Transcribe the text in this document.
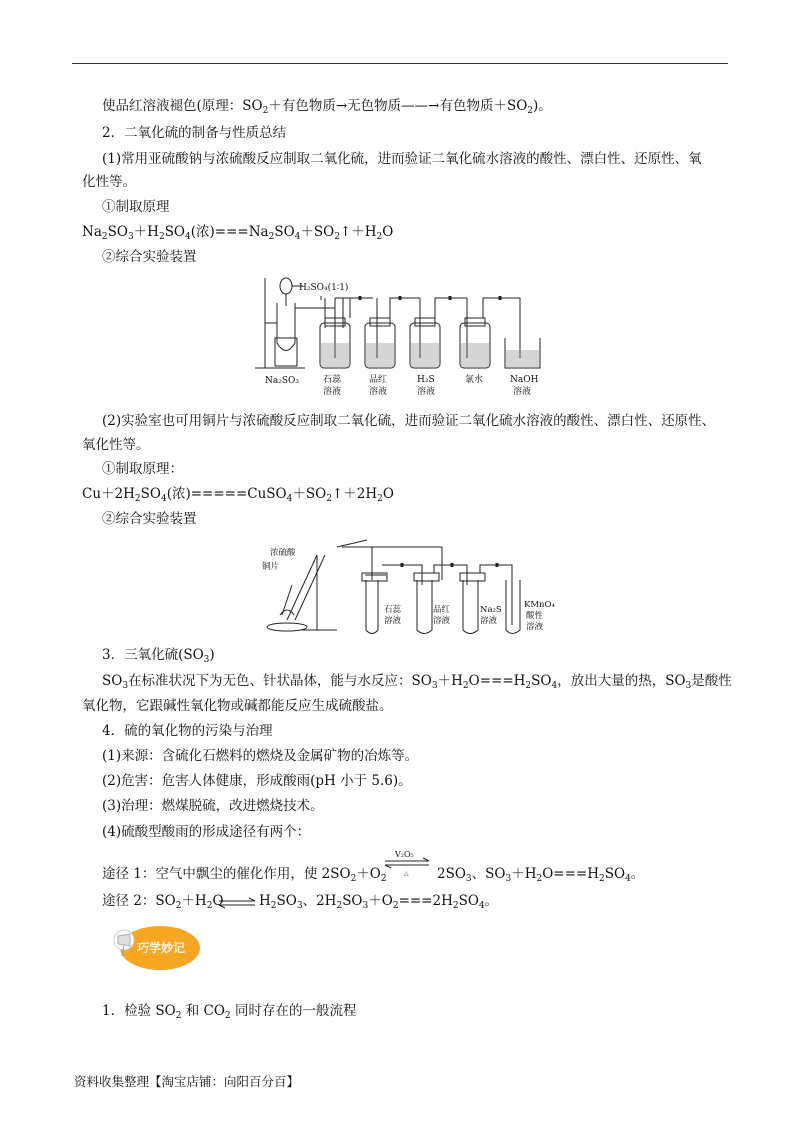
使品红溶液褪色(原理：$SO_2+$有色物质→无色物质——→有色物质$+SO_2$)。
2．二氧化硫的制备与性质总结
(1)常用亚硫酸钠与浓硫酸反应制取二氧化硫，进而验证二氧化硫水溶液的酸性、漂白性、还原性、氧
化性等。
①制取原理
$Na_2SO_3+H_2SO_4$(浓)$===Na_2SO_4+SO_2↑+H_2O$
②综合实验装置
H₂SO₄(1∶1)
Na₂SO₃	石蕊
溶液
品红
溶液
H₂S
溶液
氯水	NaOH
溶液
(2)实验室也可用铜片与浓硫酸反应制取二氧化硫，进而验证二氧化硫水溶液的酸性、漂白性、还原性、
氧化性等。
①制取原理：
$Cu+2H_2SO_4$(浓)$=====CuSO_4+SO_2↑+2H_2O$
②综合实验装置
浓硫酸
铜片
石蕊
溶液
品红
溶液
Na₂S
溶液
KMnO₄
酸性
溶液
3．三氧化硫$(SO_3)$
$SO_3$在标准状况下为无色、针状晶体，能与水反应：$SO_3+H_2O===H_2SO_4$，放出大量的热，$SO_3$是酸性
氧化物，它跟碱性氧化物或碱都能反应生成硫酸盐。
4．硫的氧化物的污染与治理
(1)来源：含硫化石燃料的燃烧及金属矿物的冶炼等。
(2)危害：危害人体健康，形成酸雨(pH 小于 5.6)。
(3)治理：燃煤脱硫，改进燃烧技术。
(4)硫酸型酸雨的形成途径有两个：
途径 1：空气中飘尘的催化作用，使 $2SO_2+O_2$
V₂O₅
△ $2SO_3$、$SO_3+H_2O===H_2SO_4$。
途径 2：$SO_2+H_2O$ ⇌ $H_2SO_3$、$2H_2SO_3+O_2===2H_2SO_4$。
巧学妙记
1．检验 $SO_2$ 和 $CO_2$ 同时存在的一般流程
资料收集整理【淘宝店铺：向阳百分百】
